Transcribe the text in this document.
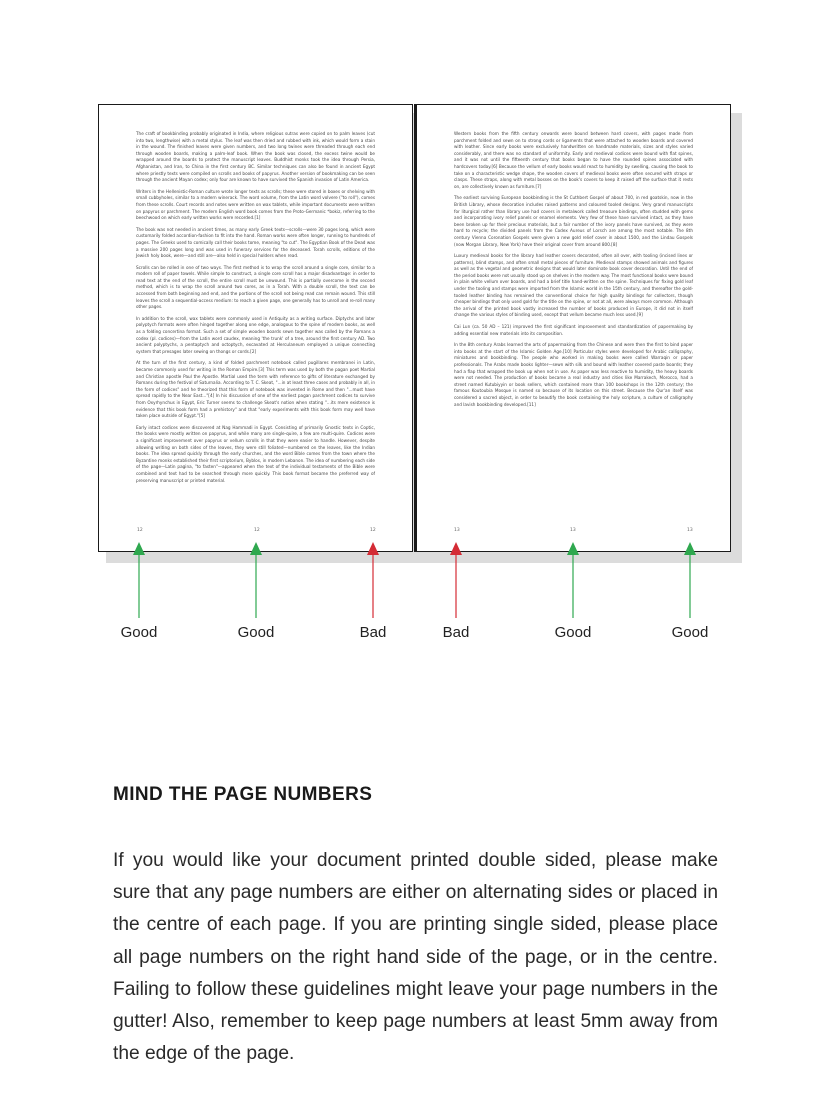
The craft of bookbinding probably originated in India, where religious sutras were copied on to palm leaves (cut into two, lengthwise) with a metal stylus. The leaf was then dried and rubbed with ink, which would form a stain in the wound. The finished leaves were given numbers, and two long twines were threaded through each end through wooden boards, making a palm-leaf book. When the book was closed, the excess twine would be wrapped around the boards to protect the manuscript leaves. Buddhist monks took the idea through Persia, Afghanistan, and Iran, to China in the first century BC. Similar techniques can also be found in ancient Egypt where priestly texts were compiled on scrolls and books of papyrus. Another version of bookmaking can be seen through the ancient Mayan codex; only four are known to have survived the Spanish invasion of Latin America.

Writers in the Hellenistic-Roman culture wrote longer texts as scrolls; these were stored in boxes or shelving with small cubbyholes, similar to a modern winerack. The word volume, from the Latin word volvere ("to roll"), comes from these scrolls. Court records and notes were written on wax tablets, while important documents were written on papyrus or parchment. The modern English word book comes from the Proto-Germanic *bokiz, referring to the beechwood on which early written works were recorded.[1]

The book was not needed in ancient times, as many early Greek texts—scrolls—were 30 pages long, which were customarily folded accordion-fashion to fit into the hand. Roman works were often longer, running to hundreds of pages. The Greeks used to comically call their books tome, meaning "to cut". The Egyptian Book of the Dead was a massive 200 pages long and was used in funerary services for the deceased. Torah scrolls, editions of the Jewish holy book, were—and still are—also held in special holders when read.

Scrolls can be rolled in one of two ways. The first method is to wrap the scroll around a single core, similar to a modern roll of paper towels. While simple to construct, a single core scroll has a major disadvantage: in order to read text at the end of the scroll, the entire scroll must be unwound. This is partially overcome in the second method, which is to wrap the scroll around two cores, as in a Torah. With a double scroll, the text can be accessed from both beginning and end, and the portions of the scroll not being read can remain wound. This still leaves the scroll a sequential-access medium: to reach a given page, one generally has to unroll and re-roll many other pages.

In addition to the scroll, wax tablets were commonly used in Antiquity as a writing surface. Diptychs and later polyptych formats were often hinged together along one edge, analogous to the spine of modern books, as well as a folding concertina format. Such a set of simple wooden boards sewn together was called by the Romans a codex (pl. codices)—from the Latin word caudex, meaning 'the trunk' of a tree, around the first century AD. Two ancient polyptychs, a pentaptych and octoptych, excavated at Herculaneum employed a unique connecting system that presages later sewing on thongs or cords.[2]

At the turn of the first century, a kind of folded parchment notebook called pugillares membranei in Latin, became commonly used for writing in the Roman Empire.[3] This term was used by both the pagan poet Martial and Christian apostle Paul the Apostle. Martial used the term with reference to gifts of literature exchanged by Romans during the festival of Saturnalia. According to T. C. Skeat, "...in at least three cases and probably in all, in the form of codices" and he theorized that this form of notebook was invented in Rome and then "...must have spread rapidly to the Near East..."[4] In his discussion of one of the earliest pagan parchment codices to survive from Oxyrhynchus in Egypt, Eric Turner seems to challenge Skeat's notion when stating "...its mere existence is evidence that this book form had a prehistory" and that "early experiments with this book form may well have taken place outside of Egypt."[5]

Early intact codices were discovered at Nag Hammadi in Egypt. Consisting of primarily Gnostic texts in Coptic, the books were mostly written on papyrus, and while many are single-quire, a few are multi-quire. Codices were a significant improvement over papyrus or vellum scrolls in that they were easier to handle. However, despite allowing writing on both sides of the leaves, they were still foliated—numbered on the leaves, like the Indian books. The idea spread quickly through the early churches, and the word Bible comes from the town where the Byzantine monks established their first scriptorium, Byblos, in modern Lebanon. The idea of numbering each side of the page—Latin pagina, "to fasten"—appeared when the text of the individual testaments of the Bible were combined and text had to be searched through more quickly. This book format became the preferred way of preserving manuscript or printed material.

Western books from the fifth century onwards were bound between hard covers, with pages made from parchment folded and sewn on to strong cords or ligaments that were attached to wooden boards and covered with leather. Since early books were exclusively handwritten on handmade materials, sizes and styles varied considerably, and there was no standard of uniformity. Early and medieval codices were bound with flat spines, and it was not until the fifteenth century that books began to have the rounded spines associated with hardcovers today.[6] Because the vellum of early books would react to humidity by swelling, causing the book to take on a characteristic wedge shape, the wooden covers of medieval books were often secured with straps or clasps. These straps, along with metal bosses on the book's covers to keep it raised off the surface that it rests on, are collectively known as furniture.[7]

The earliest surviving European bookbinding is the St Cuthbert Gospel of about 700, in red goatskin, now in the British Library, whose decoration includes raised patterns and coloured tooled designs. Very grand manuscripts for liturgical rather than library use had covers in metalwork called treasure bindings, often studded with gems and incorporating ivory relief panels or enamel elements. Very few of these have survived intact, as they have been broken up for their precious materials, but a fair number of the ivory panels have survived, as they were hard to recycle; the divided panels from the Codex Aureus of Lorsch are among the most notable. The 8th century Vienna Coronation Gospels were given a new gold relief cover in about 1500, and the Lindau Gospels (now Morgan Library, New York) have their original cover from around 800.[8]

Luxury medieval books for the library had leather covers decorated, often all over, with tooling (incised lines or patterns), blind stamps, and often small metal pieces of furniture. Medieval stamps showed animals and figures as well as the vegetal and geometric designs that would later dominate book cover decoration. Until the end of the period books were not usually stood up on shelves in the modern way. The most functional books were bound in plain white vellum over boards, and had a brief title hand-written on the spine. Techniques for fixing gold leaf under the tooling and stamps were imported from the Islamic world in the 15th century, and thereafter the gold-tooled leather binding has remained the conventional choice for high quality bindings for collectors, though cheaper bindings that only used gold for the title on the spine, or not at all, were always more common. Although the arrival of the printed book vastly increased the number of books produced in Europe, it did not in itself change the various styles of binding used, except that vellum became much less used.[9]

Cai Lun (ca. 50 AD – 121) improved the first significant improvement and standardization of papermaking by adding essential new materials into its composition.

In the 8th century Arabs learned the arts of papermaking from the Chinese and were then the first to bind paper into books at the start of the Islamic Golden Age.[10] Particular styles were developed for Arabic calligraphy, miniatures and bookbinding. The people who worked in making books were called Warraqin or paper professionals. The Arabs made books lighter—sewn with silk and bound with leather covered paste boards; they had a flap that wrapped the book up when not in use. As paper was less reactive to humidity, the heavy boards were not needed. The production of books became a real industry and cities like Marrakech, Morocco, had a street named Kutubiyyin or book sellers, which contained more than 100 bookshops in the 12th century; the famous Koutoubia Mosque is named so because of its location on this street. Because the Qur'an itself was considered a sacred object, in order to beautify the book containing the holy scripture, a culture of calligraphy and lavish bookbinding developed.[11]

12	12	12	13	13	13
Good	Good	Bad	Bad	Good	Good
MIND THE PAGE NUMBERS

If you would like your document printed double sided, please make sure that any page numbers are either on alternating sides or placed in the centre of each page. If you are printing single sided, please place all page numbers on the right hand side of the page, or in the centre. Failing to follow these guidelines might leave your page numbers in the gutter! Also, remember to keep page numbers at least 5mm away from the edge of the page.
